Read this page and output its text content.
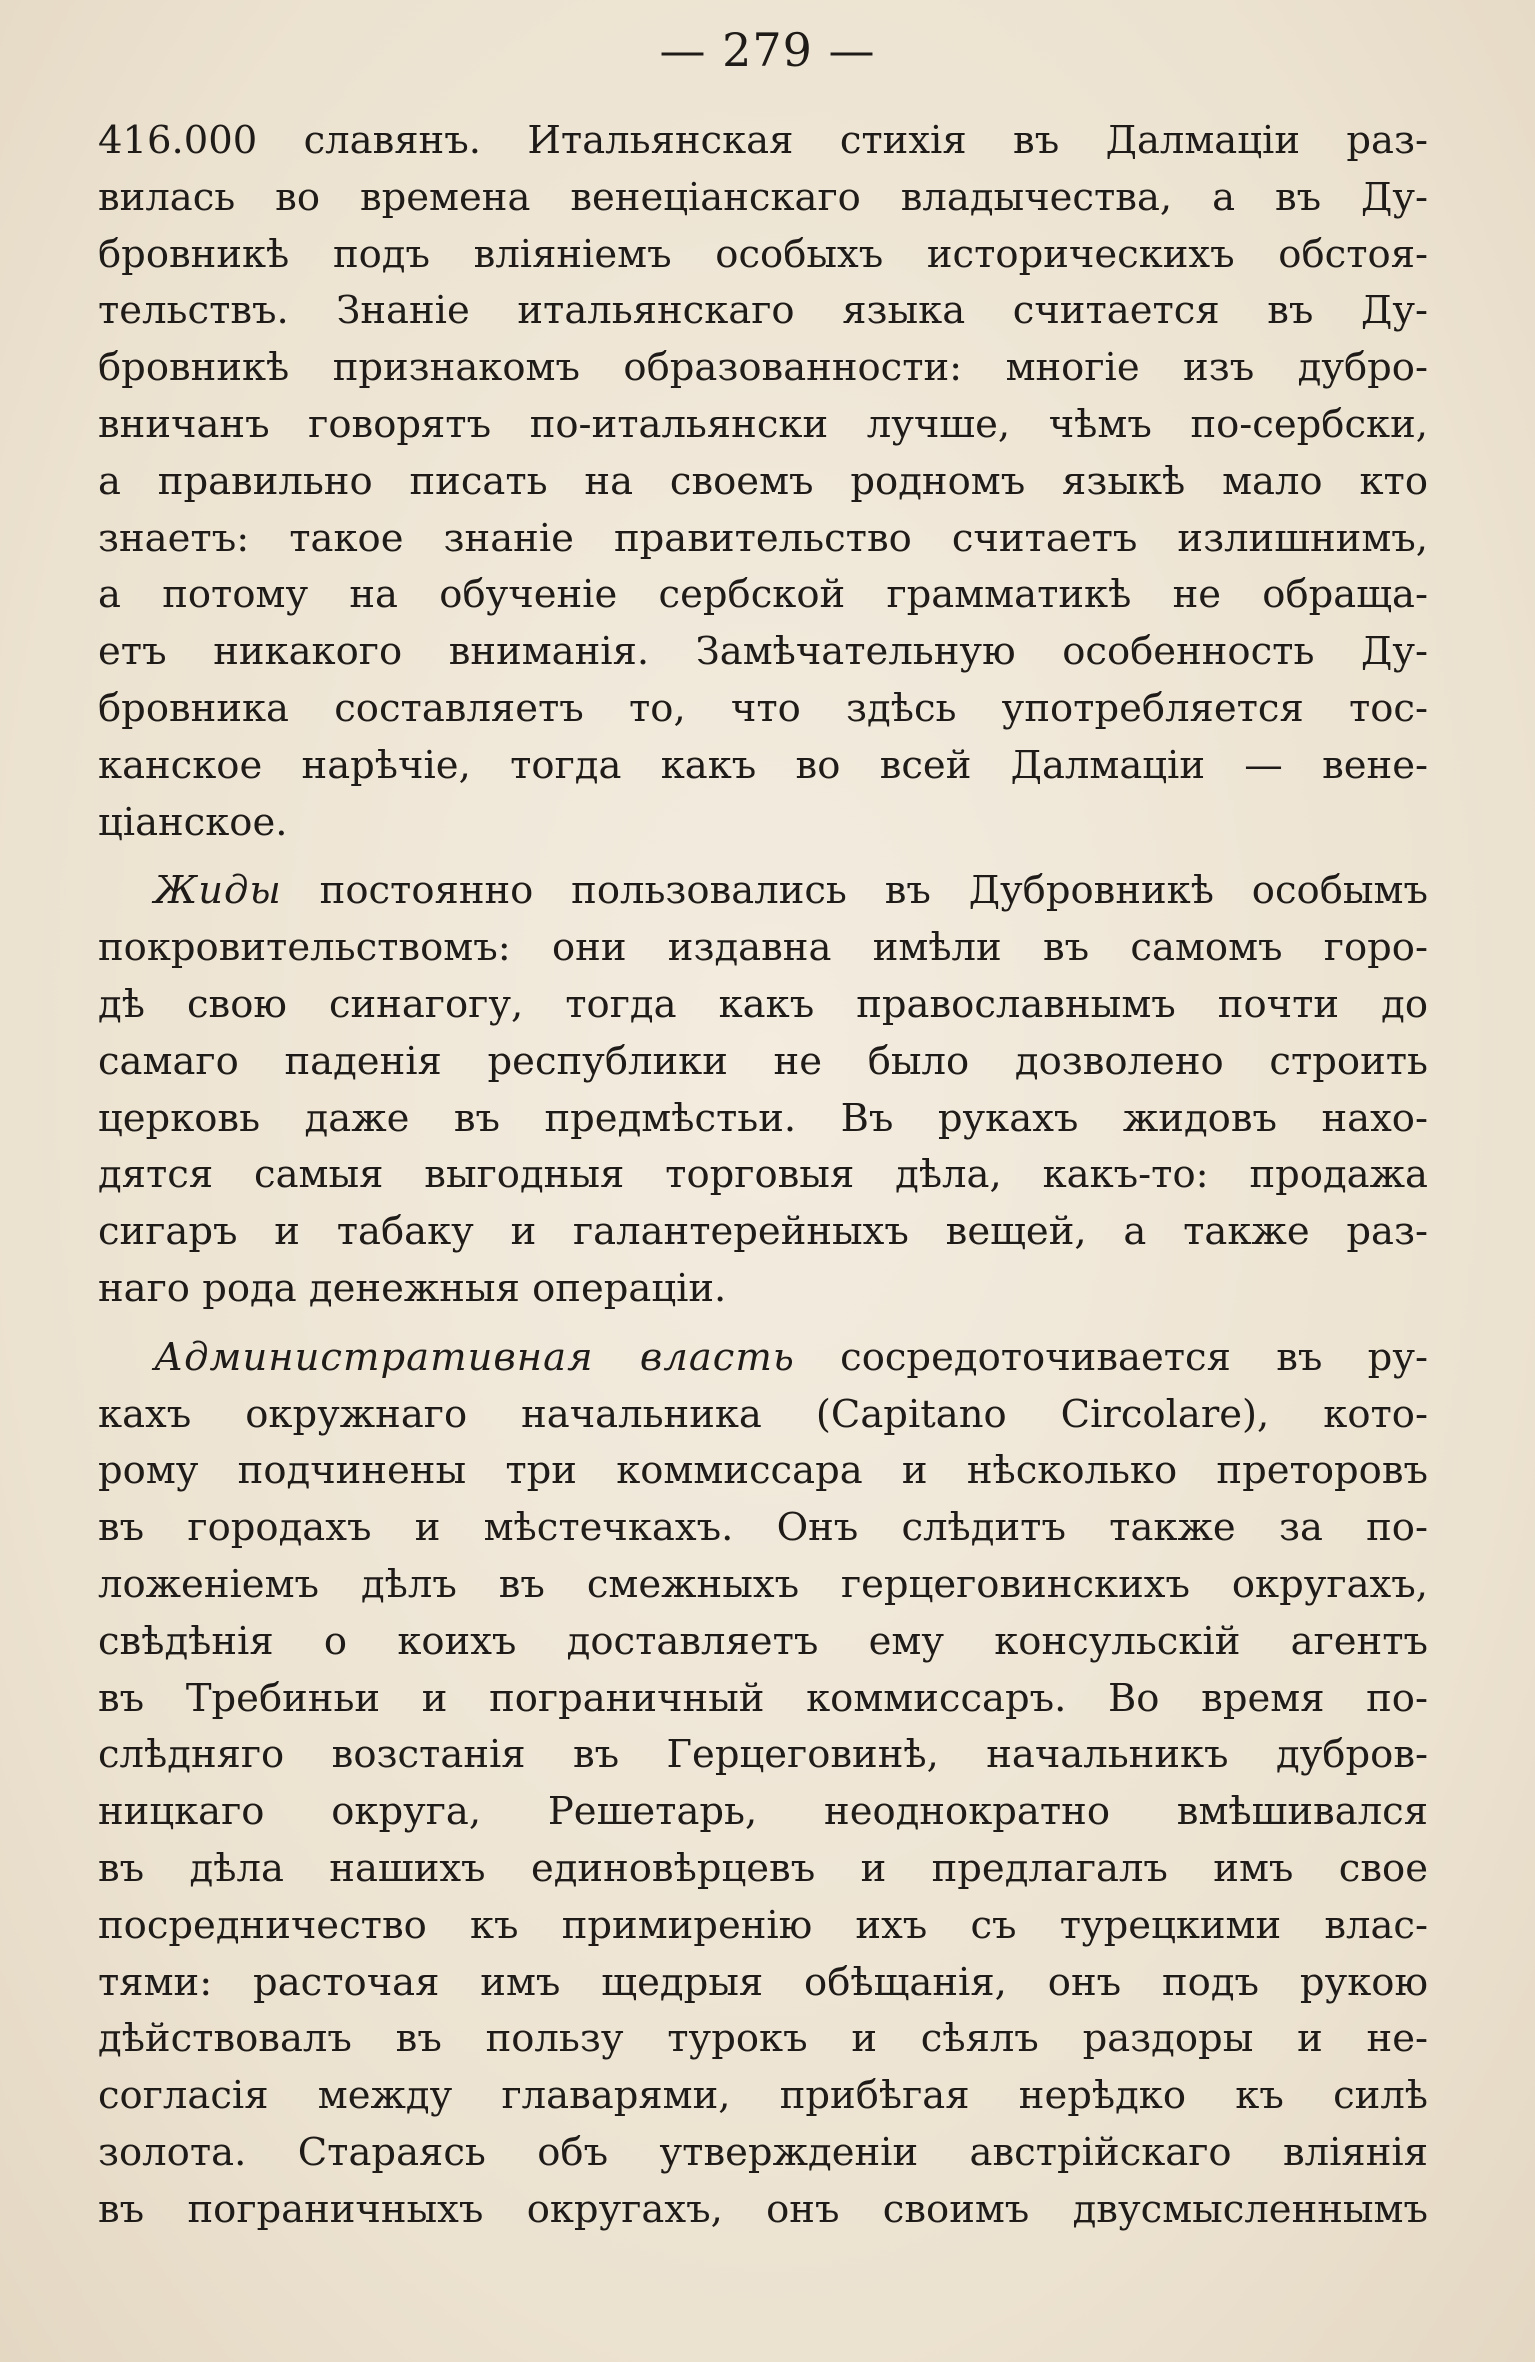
— 279 —
416.000 славянъ. Итальянская стихія въ Далмаціи раз-
вилась во времена венеціанскаго владычества, а въ Ду-
бровникѣ подъ вліяніемъ особыхъ историческихъ обстоя-
тельствъ. Знаніе итальянскаго языка считается въ Ду-
бровникѣ признакомъ образованности: многіе изъ дубро-
вничанъ говорятъ по-итальянски лучше, чѣмъ по-сербски,
а правильно писать на своемъ родномъ языкѣ мало кто
знаетъ: такое знаніе правительство считаетъ излишнимъ,
а потому на обученіе сербской грамматикѣ не обраща-
етъ никакого вниманія. Замѣчательную особенность Ду-
бровника составляетъ то, что здѣсь употребляется тос-
канское нарѣчіе, тогда какъ во всей Далмаціи — вене-
ціанское.
Жиды постоянно пользовались въ Дубровникѣ особымъ
покровительствомъ: они издавна имѣли въ самомъ горо-
дѣ свою синагогу, тогда какъ православнымъ почти до
самаго паденія республики не было дозволено строить
церковь даже въ предмѣстьи. Въ рукахъ жидовъ нахо-
дятся самыя выгодныя торговыя дѣла, какъ-то: продажа
сигаръ и табаку и галантерейныхъ вещей, а также раз-
наго рода денежныя операціи.
Административная власть сосредоточивается въ ру-
кахъ окружнаго начальника (Capitano Circolare), кото-
рому подчинены три коммиссара и нѣсколько преторовъ
въ городахъ и мѣстечкахъ. Онъ слѣдитъ также за по-
ложеніемъ дѣлъ въ смежныхъ герцеговинскихъ округахъ,
свѣдѣнія о коихъ доставляетъ ему консульскій агентъ
въ Требиньи и пограничный коммиссаръ. Во время по-
слѣдняго возстанія въ Герцеговинѣ, начальникъ дубров-
ницкаго округа, Решетарь, неоднократно вмѣшивался
въ дѣла нашихъ единовѣрцевъ и предлагалъ имъ свое
посредничество къ примиренію ихъ съ турецкими влас-
тями: расточая имъ щедрыя обѣщанія, онъ подъ рукою
дѣйствовалъ въ пользу турокъ и сѣялъ раздоры и не-
согласія между главарями, прибѣгая нерѣдко къ силѣ
золота. Стараясь объ утвержденіи австрійскаго вліянія
въ пограничныхъ округахъ, онъ своимъ двусмысленнымъ
